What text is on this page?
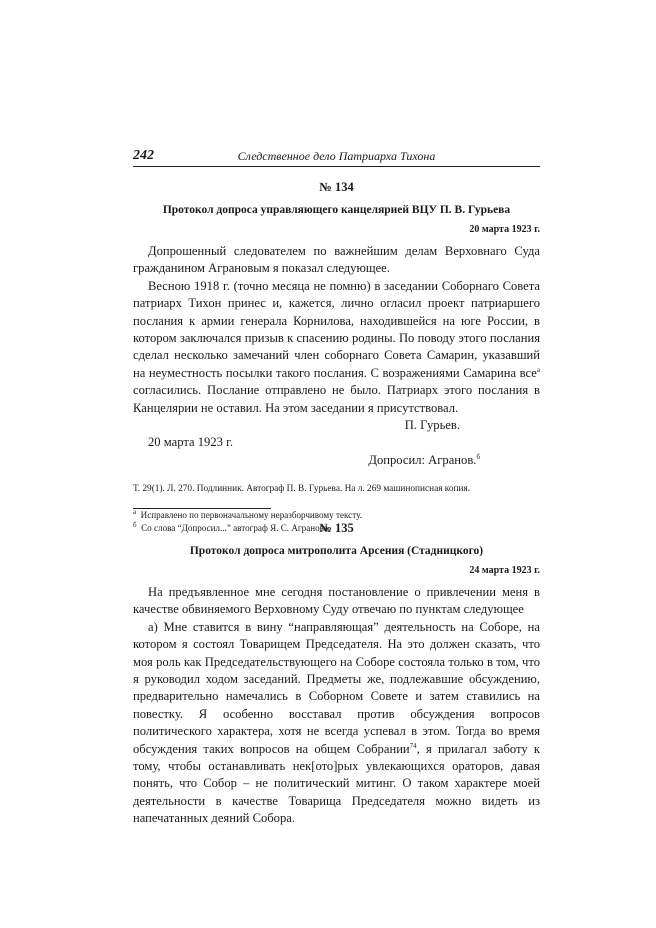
242	Следственное дело Патриарха Тихона
№ 134
Протокол допроса управляющего канцелярией ВЦУ П. В. Гурьева
20 марта 1923 г.

Допрошенный следователем по важнейшим делам Верховнаго Суда гражданином Аграновым я показал следующее.

Весною 1918 г. (точно месяца не помню) в заседании Соборнаго Совета патриарх Тихон принес и, кажется, лично огласил проект патриаршего послания к армии генерала Корнилова, находившейся на юге России, в котором заключался призыв к спасению родины. По поводу этого послания сделал несколько замечаний член соборнаго Совета Самарин, указавший на неуместность посылки такого послания. С возражениями Самарина все$^а$ согласились. Послание отправлено не было. Патриарх этого послания в Канцелярии не оставил. На этом заседании я присутствовал.

П. Гурьев.
20 марта 1923 г.
Допросил: Агранов.$^б$
Т. 29(1). Л. 270. Подлинник. Автограф П. В. Гурьева. На л. 269 машинописная копия.
$^а$ Исправлено по первоначальному неразборчивому тексту.
$^б$ Со слова “Допросил...” автограф Я. С. Агранова.
№ 135
Протокол допроса митрополита Арсения (Стадницкого)
24 марта 1923 г.

На предъявленное мне сегодня постановление о привлечении меня в качестве обвиняемого Верховному Суду отвечаю по пунктам следующее

а) Мне ставится в вину “направляющая” деятельность на Соборе, на котором я состоял Товарищем Председателя. На это должен сказать, что моя роль как Председательствующего на Соборе состояла только в том, что я руководил ходом заседаний. Предметы же, подлежавшие обсуждению, предварительно намечались в Соборном Совете и затем ставились на повестку. Я особенно восставал против обсуждения вопросов политического характера, хотя не всегда успевал в этом. Тогда во время обсуждения таких вопросов на общем Собрании$^{74}$, я прилагал заботу к тому, чтобы останавливать нек[ото]рых увлекающихся ораторов, давая понять, что Собор – не политический митинг. О таком характере моей деятельности в качестве Товарища Председателя можно видеть из напечатанных деяний Собора.
